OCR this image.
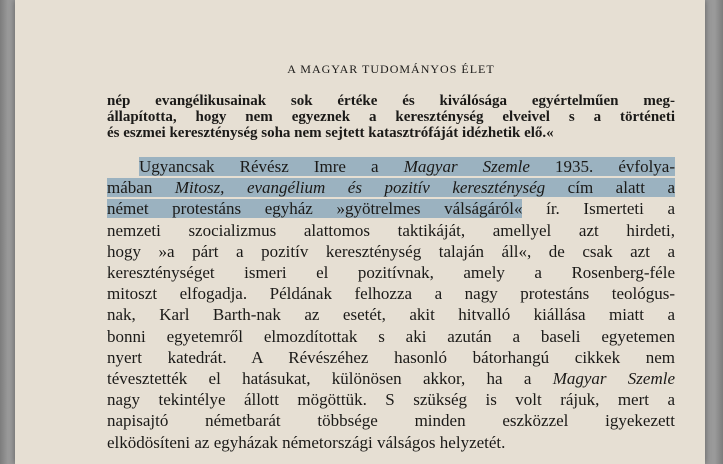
A MAGYAR TUDOMÁNYOS ÉLET
nép evangélikusainak sok értéke és kiválósága egyértelműen meg-
állapította, hogy nem egyeznek a kereszténység elveivel s a történeti
és eszmei kereszténység soha nem sejtett katasztrófáját idézhetik elő.«
Ugyancsak Révész Imre a Magyar Szemle 1935. évfolya-
mában Mitosz, evangélium és pozitív kereszténység cím alatt a
német protestáns egyház »gyötrelmes válságáról« ír. Ismerteti a
nemzeti szocializmus alattomos taktikáját, amellyel azt hirdeti,
hogy »a párt a pozitív kereszténység talaján áll«, de csak azt a
kereszténységet ismeri el pozitívnak, amely a Rosenberg-féle
mitoszt elfogadja. Példának felhozza a nagy protestáns teológus-
nak, Karl Barth-nak az esetét, akit hitvalló kiállása miatt a
bonni egyetemről elmozdítottak s aki azután a baseli egyetemen
nyert katedrát. A Révészéhez hasonló bátorhangú cikkek nem
tévesztették el hatásukat, különösen akkor, ha a Magyar Szemle
nagy tekintélye állott mögöttük. S szükség is volt rájuk, mert a
napisajtó németbarát többsége minden eszközzel igyekezett
elködösíteni az egyházak németországi válságos helyzetét.
